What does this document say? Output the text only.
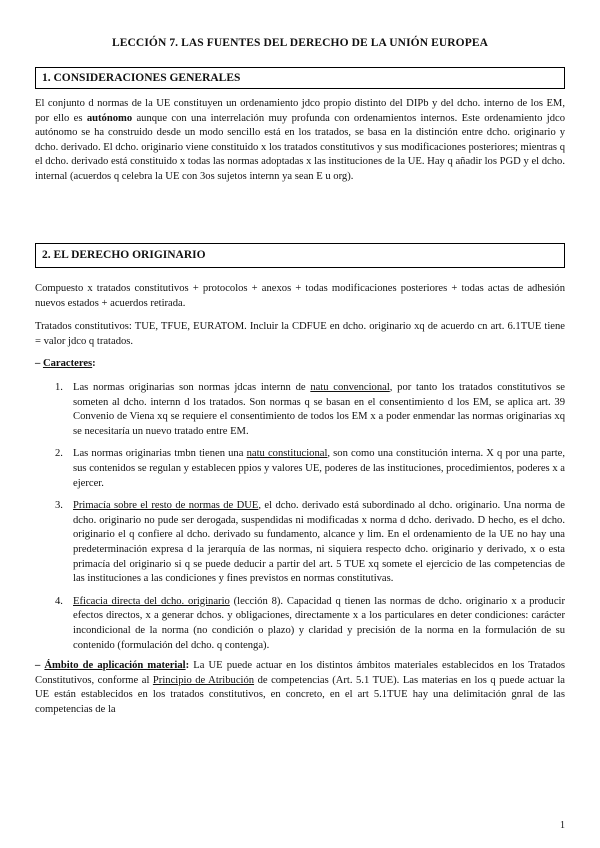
LECCIÓN 7. LAS FUENTES DEL DERECHO DE LA UNIÓN EUROPEA
1. CONSIDERACIONES GENERALES

El conjunto d normas de la UE constituyen un ordenamiento jdco propio distinto del DIPb y del dcho. interno de los EM, por ello es autónomo aunque con una interrelación muy profunda con ordenamientos internos. Este ordenamiento jdco autónomo se ha construido desde un modo sencillo está en los tratados, se basa en la distinción entre dcho. originario y dcho. derivado. El dcho. originario viene constituido x los tratados constitutivos y sus modificaciones posteriores; mientras q el dcho. derivado está constituido x todas las normas adoptadas x las instituciones de la UE. Hay q añadir los PGD y el dcho. internal (acuerdos q celebra la UE con 3os sujetos internn ya sean E u org).

2. EL DERECHO ORIGINARIO

Compuesto x tratados constitutivos + protocolos + anexos + todas modificaciones posteriores + todas actas de adhesión nuevos estados + acuerdos retirada.

Tratados constitutivos: TUE, TFUE, EURATOM. Incluir la CDFUE en dcho. originario xq de acuerdo cn art. 6.1TUE tiene = valor jdco q tratados.

– Caracteres:

1. Las normas originarias son normas jdcas internn de natu convencional, por tanto los tratados constitutivos se someten al dcho. internn d los tratados. Son normas q se basan en el consentimiento d los EM, se aplica art. 39 Convenio de Viena xq se requiere el consentimiento de todos los EM x a poder enmendar las normas originarias xq se necesitaría un nuevo tratado entre EM.
2. Las normas originarias tmbn tienen una natu constitucional, son como una constitución interna. X q por una parte, sus contenidos se regulan y establecen ppios y valores UE, poderes de las instituciones, procedimientos, poderes x a ejercer.
3. Primacía sobre el resto de normas de DUE, el dcho. derivado está subordinado al dcho. originario. Una norma de dcho. originario no pude ser derogada, suspendidas ni modificadas x norma d dcho. derivado. D hecho, es el dcho. originario el q confiere al dcho. derivado su fundamento, alcance y lim. En el ordenamiento de la UE no hay una predeterminación expresa d la jerarquía de las normas, ni siquiera respecto dcho. originario y derivado, x o esta primacía del originario si q se puede deducir a partir del art. 5 TUE xq somete el ejercicio de las competencias de las instituciones a las condiciones y fines previstos en normas constitutivas.
4. Eficacia directa del dcho. originario (lección 8). Capacidad q tienen las normas de dcho. originario x a producir efectos directos, x a generar dchos. y obligaciones, directamente x a los particulares en deter condiciones: carácter incondicional de la norma (no condición o plazo) y claridad y precisión de la norma en la formulación de su contenido (formulación del dcho. q contenga).

– Ámbito de aplicación material: La UE puede actuar en los distintos ámbitos materiales establecidos en los Tratados Constitutivos, conforme al Principio de Atribución de competencias (Art. 5.1 TUE). Las materias en los q puede actuar la UE están establecidos en los tratados constitutivos, en concreto, en el art 5.1TUE hay una delimitación gnral de las competencias de la

1
